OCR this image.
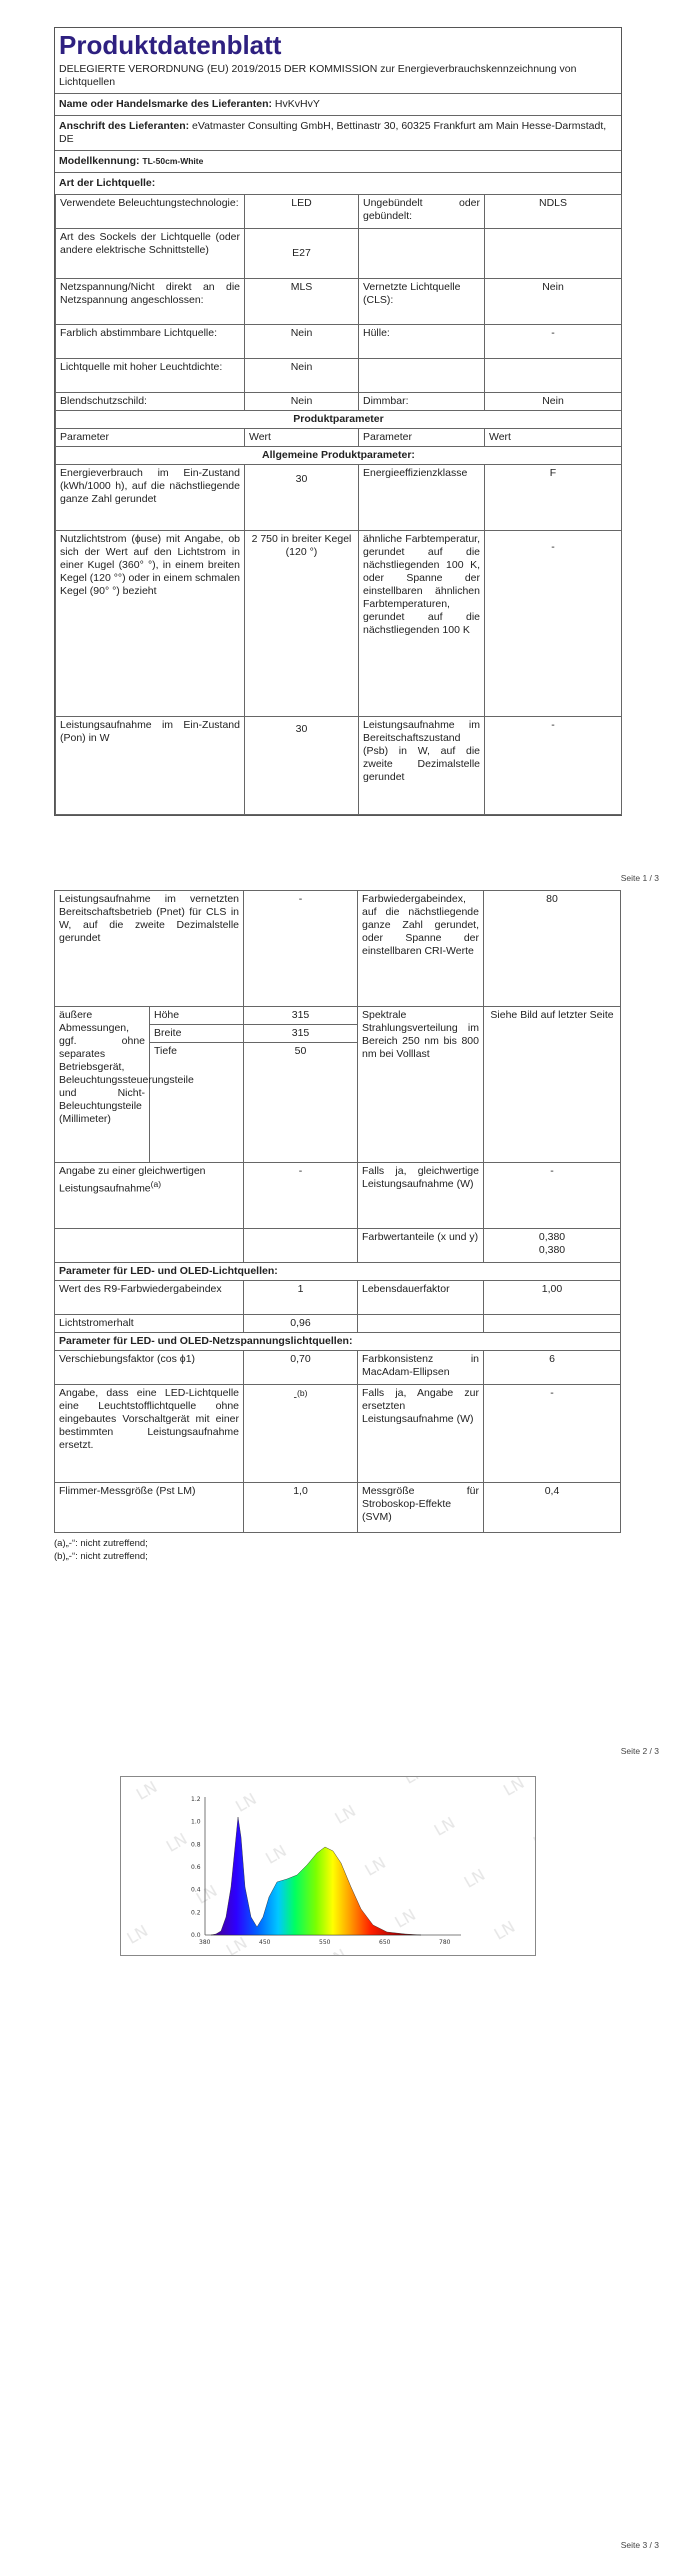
Produktdatenblatt
DELEGIERTE VERORDNUNG (EU) 2019/2015 DER KOMMISSION zur Energieverbrauchskennzeichnung von Lichtquellen
Name oder Handelsmarke des Lieferanten: HvKvHvY
Anschrift des Lieferanten: eVatmaster Consulting GmbH, Bettinastr 30, 60325 Frankfurt am Main Hesse-Darmstadt, DE
Modellkennung: TL-50cm-White
Art der Lichtquelle:
Verwendete Beleuchtungstechnologie:	LED	Ungebündelt oder gebündelt:	NDLS
Art des Sockels der Lichtquelle (oder andere elektrische Schnittstelle)	E27		
Netzspannung/Nicht direkt an die Netzspannung angeschlossen:	MLS	Vernetzte Lichtquelle (CLS):	Nein
Farblich abstimmbare Lichtquelle:	Nein	Hülle:	-
Lichtquelle mit hoher Leuchtdichte:	Nein		
Blendschutzschild:	Nein	Dimmbar:	Nein
Produktparameter			
Parameter	Wert	Parameter	Wert
Allgemeine Produktparameter:			
Energieverbrauch im Ein-Zustand (kWh/1000 h), auf die nächstliegende ganze Zahl gerundet	30	Energieeffizienzklasse	F
Nutzlichtstrom (ϕuse) mit Angabe, ob sich der Wert auf den Lichtstrom in einer Kugel (360° °), in einem breiten Kegel (120 °°) oder in einem schmalen Kegel (90° °) bezieht	2 750 in breiter Kegel (120 °)	ähnliche Farbtemperatur, gerundet auf die nächstliegenden 100 K, oder Spanne der einstellbaren ähnlichen Farbtemperaturen, gerundet auf die nächstliegenden 100 K	-
Leistungsaufnahme im Ein-Zustand (Pon) in W	30	Leistungsaufnahme im Bereitschaftszustand (Psb) in W, auf die zweite Dezimalstelle gerundet	-
Seite 1 / 3
Leistungsaufnahme im vernetzten Bereitschaftsbetrieb (Pnet) für CLS in W, auf die zweite Dezimalstelle gerundet		-	Farbwiedergabeindex, auf die nächstliegende ganze Zahl gerundet, oder Spanne der einstellbaren CRI-Werte	80
äußere Abmessungen, ggf. ohne separates Betriebsgerät, Beleuchtungssteuerungsteile und Nicht-Beleuchtungsteile (Millimeter)	Höhe	315	Spektrale Strahlungsverteilung im Bereich 250 nm bis 800 nm bei Volllast	Siehe Bild auf letzter Seite
	Breite	315		
	Tiefe	50		
Angabe zu einer gleichwertigen Leistungsaufnahme$^{(a)}$		-	Falls ja, gleichwertige Leistungsaufnahme (W)	-
			Farbwertanteile (x und y)	0,380
0,380

Parameter für LED- und OLED-Lichtquellen:				
Wert des R9-Farbwiedergabeindex		1	Lebensdauerfaktor	1,00
Lichtstromerhalt		0,96		
Parameter für LED- und OLED-Netzspannungslichtquellen:				
Verschiebungsfaktor (cos ϕ1)		0,70	Farbkonsistenz in MacAdam-Ellipsen	6
Angabe, dass eine LED-Lichtquelle eine Leuchtstofflichtquelle ohne eingebautes Vorschaltgerät mit einer bestimmten Leistungsaufnahme ersetzt.		-$^{(b)}$	Falls ja, Angabe zur ersetzten Leistungsaufnahme (W)	-
Flimmer-Messgröße (Pst LM)		1,0	Messgröße für Stroboskop-Effekte (SVM)	0,4
(a)„-“: nicht zutreffend;
(b)„-“: nicht zutreffend;
Seite 2 / 3
1.2
1.0
0.8
0.6
0.4
0.2
0.0
380	450	550	650	780
Seite 3 / 3
